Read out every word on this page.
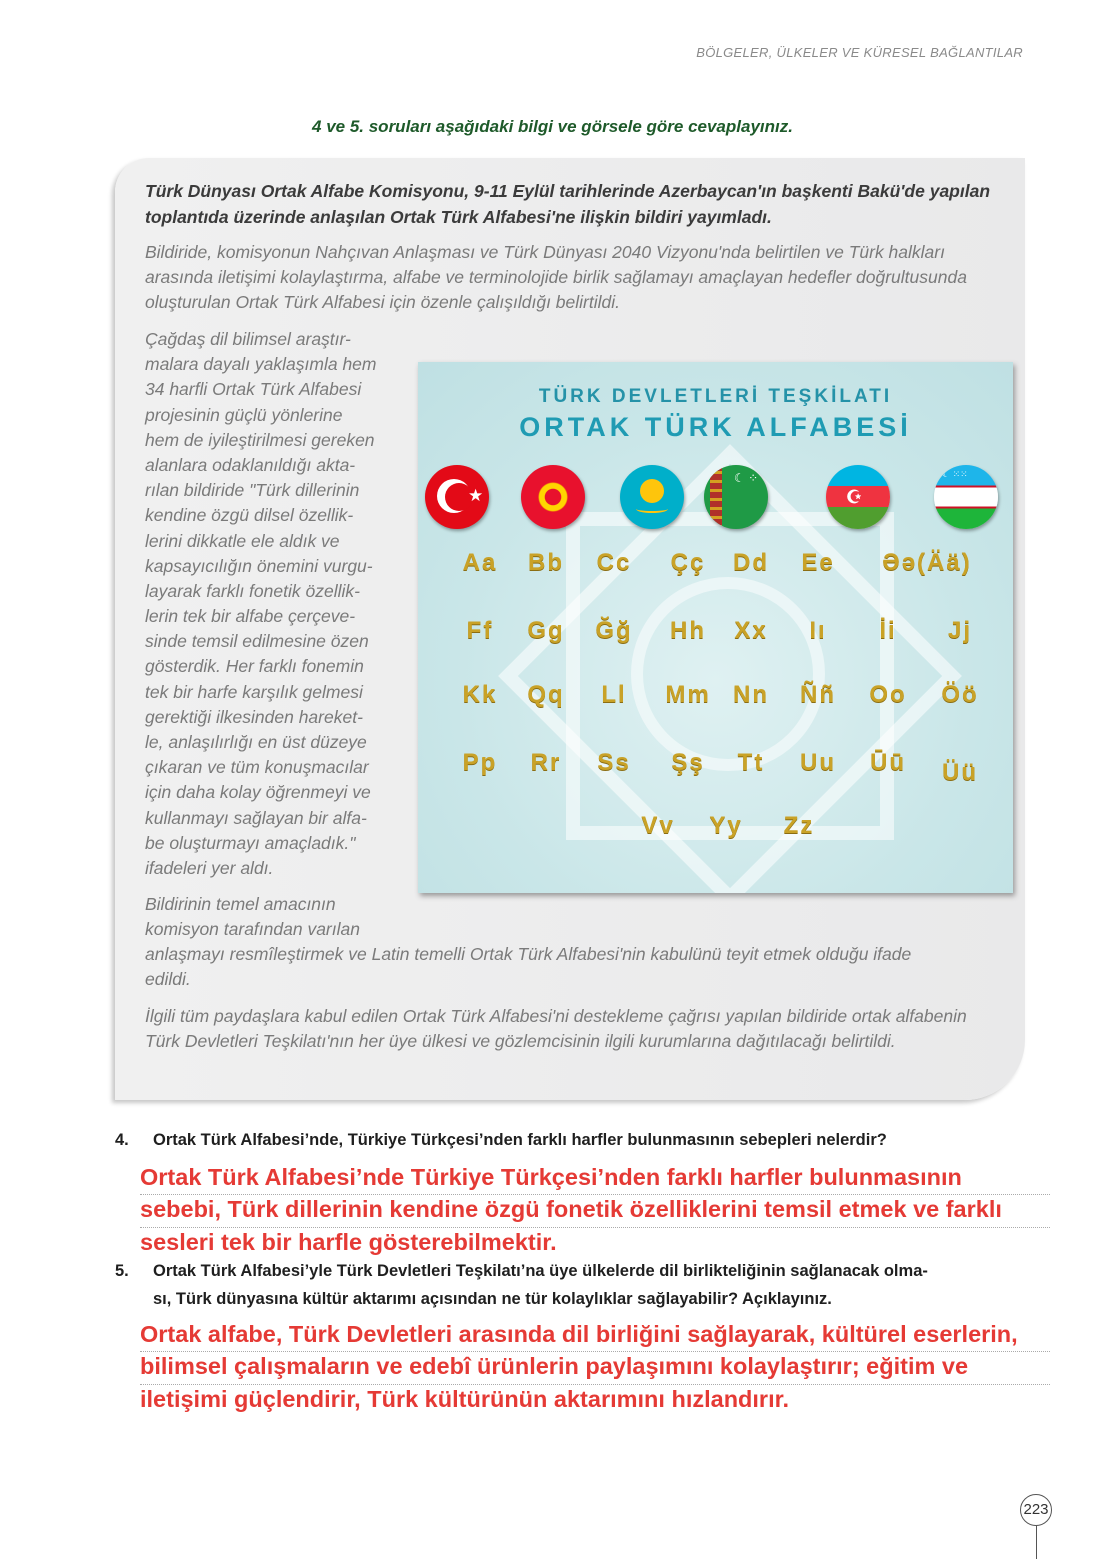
BÖLGELER, ÜLKELER VE KÜRESEL BAĞLANTILAR
4 ve 5. soruları aşağıdaki bilgi ve görsele göre cevaplayınız.
Türk Dünyası Ortak Alfabe Komisyonu, 9-11 Eylül tarihlerinde Azerbaycan'ın başkenti Bakü'de yapılan toplantıda üzerinde anlaşılan Ortak Türk Alfabesi'ne ilişkin bildiri yayımladı.
Bildiride, komisyonun Nahçıvan Anlaşması ve Türk Dünyası 2040 Vizyonu'nda belirtilen ve Türk halkları arasında iletişimi kolaylaştırma, alfabe ve terminolojide birlik sağlamayı amaçlayan hedefler doğrultusunda oluşturulan Ortak Türk Alfabesi için özenle çalışıldığı belirtildi.
Çağdaş dil bilimsel araştır-
malara dayalı yaklaşımla hem
34 harfli Ortak Türk Alfabesi
projesinin güçlü yönlerine
hem de iyileştirilmesi gereken
alanlara odaklanıldığı akta-
rılan bildiride "Türk dillerinin
kendine özgü dilsel özellik-
lerini dikkatle ele aldık ve
kapsayıcılığın önemini vurgu-
layarak farklı fonetik özellik-
lerin tek bir alfabe çerçeve-
sinde temsil edilmesine özen
gösterdik. Her farklı fonemin
tek bir harfe karşılık gelmesi
gerektiği ilkesinden hareket-
le, anlaşılırlığı en üst düzeye
çıkaran ve tüm konuşmacılar
için daha kolay öğrenmeyi ve
kullanmayı sağlayan bir alfa-
be oluşturmayı amaçladık."
ifadeleri yer aldı.
Bildirinin temel amacının
komisyon tarafından varılan
anlaşmayı resmîleştirmek ve Latin temelli Ortak Türk Alfabesi'nin kabulünü teyit etmek olduğu ifade
edildi.
İlgili tüm paydaşlara kabul edilen Ortak Türk Alfabesi'ni destekleme çağrısı yapılan bildiride ortak alfabenin Türk Devletleri Teşkilatı'nın her üye ülkesi ve gözlemcisinin ilgili kurumlarına dağıtılacağı belirtildi.
TÜRK DEVLETLERİ TEŞKİLATI
ORTAK TÜRK ALFABESİ
★
☾ ⁘
☪
☾ ⁙⁙
Aa Bb Cc Çç Dd Ee Əə(Ää)
Ff Gg Ğğ Hh Xx Iı İi Jj
Kk Qq Ll Mm Nn Ññ Oo Öö
Pp Rr Ss Şş Tt Uu Ūū Üü
Vv Yy Zz
4. Ortak Türk Alfabesi’nde, Türkiye Türkçesi’nden farklı harfler bulunmasının sebepleri nelerdir?
Ortak Türk Alfabesi’nde Türkiye Türkçesi’nden farklı harfler bulunmasının
sebebi, Türk dillerinin kendine özgü fonetik özelliklerini temsil etmek ve farklı
sesleri tek bir harfle gösterebilmektir.
5. Ortak Türk Alfabesi’yle Türk Devletleri Teşkilatı’na üye ülkelerde dil birlikteliğinin sağlanacak olma-
sı, Türk dünyasına kültür aktarımı açısından ne tür kolaylıklar sağlayabilir? Açıklayınız.
Ortak alfabe, Türk Devletleri arasında dil birliğini sağlayarak, kültürel eserlerin,
bilimsel çalışmaların ve edebî ürünlerin paylaşımını kolaylaştırır; eğitim ve
iletişimi güçlendirir, Türk kültürünün aktarımını hızlandırır.
223
